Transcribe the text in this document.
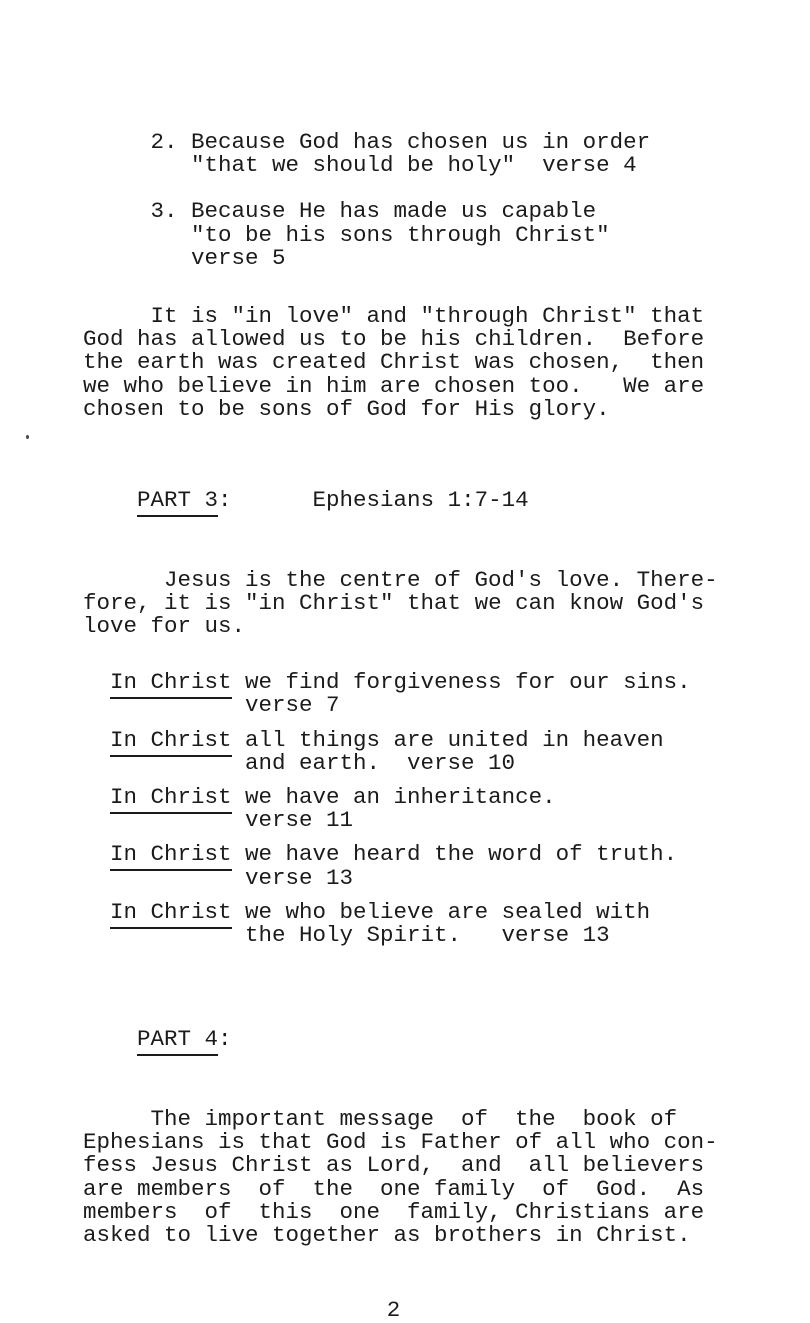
2. Because God has chosen us in order
"that we should be holy"  verse 4
3. Because He has made us capable
"to be his sons through Christ"
verse 5
It is "in love" and "through Christ" that
God has allowed us to be his children.  Before
the earth was created Christ was chosen,  then
we who believe in him are chosen too.   We are
chosen to be sons of God for His glory.

PART 3:	Ephesians 1:7-14

Jesus is the centre of God's love. There-
fore, it is "in Christ" that we can know God's
love for us.
In Christ we find forgiveness for our sins.
verse 7
In Christ all things are united in heaven
and earth.  verse 10
In Christ we have an inheritance.
verse 11
In Christ we have heard the word of truth.
verse 13
In Christ we who believe are sealed with
the Holy Spirit.   verse 13

PART 4:

The important message  of  the  book of
Ephesians is that God is Father of all who con-
fess Jesus Christ as Lord,  and  all believers
are members  of  the  one family  of  God.  As
members  of  this  one  family, Christians are
asked to live together as brothers in Christ.
2
